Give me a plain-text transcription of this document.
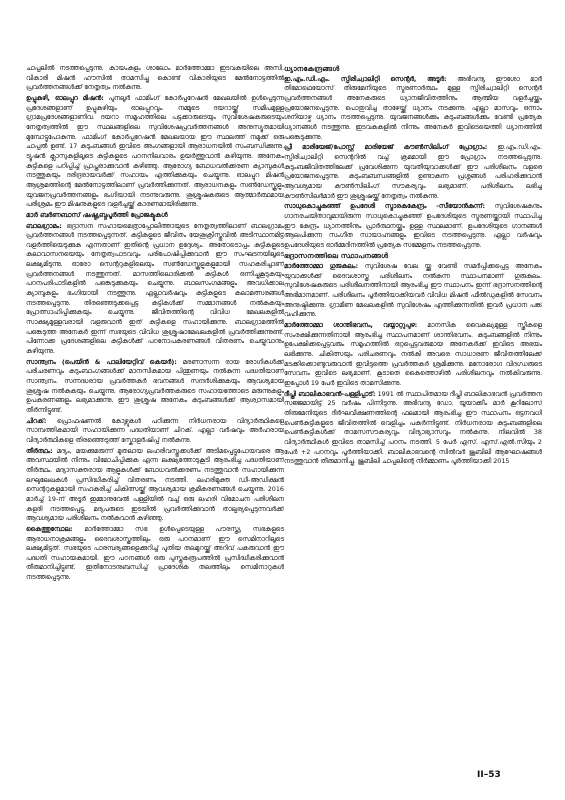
ചാപ്പലിൽ നടത്തപ്പെടുന്നു. കായംകുളം ശാലോം മാർത്തോമ്മാ ഇടവകയിലെ അസി. വികാരി മിഷൻ ഹൗസിൽ താമസിച്ചു കൊണ്ട് വികാരിയുടെ മേൽനോട്ടത്തിൽ പ്രവർത്തനങ്ങൾക്ക് നേതൃത്വം നൽകുന്നു.

ഉപ്പുകുഴി, ഓലപ്പുറ മിഷൻ: പുനലൂർ ഫാമിംഗ് കോർപ്പറേഷൻ മേഖലയിൽ ഉൾപ്പെടുന്ന പ്രദേശങ്ങളാണ് ഉപ്പുകുഴിയും ഓലപ്പുറവും. നമ്മുടെ ദയറായ്ക്ക് സമീപമുള്ള ഗ്രാമപ്രദേശങ്ങളാണിവ. ദയറാ സമൂഹത്തിലെ പട്ടക്കാരുടെയും സുവിശേഷകരുടെയും നേതൃത്വത്തിൽ ഈ സ്ഥലങ്ങളിലെ സുവിശേഷപ്രവർത്തനങ്ങൾ അനുസ്യൂതമായി മുമ്പോട്ടുപോകുന്നു. ഫാമിംഗ് കോർപ്പറേഷൻ മേഖലയായ ഈ സ്ഥലത്ത് നമുക്ക് ഒരു ചാപ്പൽ ഉണ്ട്. 17 കുടുംബങ്ങൾ ഇവിടെ അംഗങ്ങളായി ആരാധനയിൽ സംബന്ധിക്കുന്നു. ട്യൂഷൻ ക്ലാസുകളിലൂടെ കുട്ടികളുടെ പഠനനിലവാരം ഉയർത്തുവാൻ കഴിയുന്നു. അനേകം കുട്ടികളെ പഠിപ്പിച്ച് പ്രാപ്തരാക്കുവാൻ കഴിഞ്ഞു. ആരോഗ്യ ബോധവൽക്കരണ ക്യാമ്പുകൾ നടത്തുകയും ദരിദ്രരായവർക്ക് സഹായം എത്തിക്കുകയും ചെയ്യുന്നു. ഓലപ്പുറ മിഷൻ ആശ്രമത്തിന്റെ മേൽനോട്ടത്തിലാണ് പ്രവർത്തിക്കുന്നത്. ആരാധനകളും സൺഡേസ്കൂളും യുവജനപ്രവർത്തനങ്ങളും ഭംഗിയായി നടന്നുവരുന്നു. ശുശ്രൂഷകരുടെ ആത്മാർത്ഥമായ പരിശ്രമം ഈ മിഷനുകളുടെ വളർച്ചയ്ക്ക് കാരണമായിരിക്കുന്നു.

മാർ ബർണബാസ് ഷഷ്ട്യബ്ദപൂർത്തി പ്രോജക്ടുകൾ

ബാലഗ്രാമം: ഭദ്രാസന സഹായമെത്രാപ്പോലീത്തായുടെ നേതൃത്വത്തിലാണ് ബാലഗ്രാമം പ്രവർത്തനങ്ങൾ നടത്തപ്പെടുന്നത്. കുട്ടികളുടെ ജീവിതം യേശുക്രിസ്തുവിൽ അടിസ്ഥാനമിട്ട് വളർത്തിയെടുക്കുക എന്നതാണ് ഇതിന്റെ പ്രധാന ഉദ്ദേശ്യം. അതോടൊപ്പം കുട്ടികളുടെ കലാവാസനയെയും നേതൃത്വപാടവവും പരിപോഷിപ്പിക്കുവാൻ ഈ സംഘടനയിലൂടെ ലക്ഷ്യമിടുന്നു. ഓരോ സെന്ററുകളിലെയും സൺഡേസ്കൂളുകളുമായി സഹകരിച്ചാണ് പ്രവർത്തനങ്ങൾ നടത്തുന്നത്. മാസത്തിലൊരിക്കൽ കുട്ടികൾ ഒന്നിച്ചുകൂടുകയും പഠനപരിപാടികളിൽ പങ്കെടുക്കുകയും ചെയ്യുന്നു. ബാലസംഗമങ്ങളും അവധിക്കാല ക്യാമ്പുകളും ഭംഗിയായി നടത്തുന്നു. എല്ലാവർഷവും കുട്ടികളുടെ കലാമത്സരങ്ങൾ നടത്തപ്പെടുന്നു. തിരഞ്ഞെടുക്കപ്പെട്ട കുട്ടികൾക്ക് സമ്മാനങ്ങൾ നൽകുകയും പ്രോത്സാഹിപ്പിക്കുകയും ചെയ്യുന്നു. ജീവിതത്തിന്റെ വിവിധ മേഖലകളിൽ സാക്ഷ്യമുള്ളവരായി വളരുവാൻ ഇത് കുട്ടികളെ സഹായിക്കുന്നു. ബാലഗ്രാമത്തിൽ പങ്കെടുത്ത അനേകർ ഇന്ന് സഭയുടെ വിവിധ ശുശ്രൂഷാമേഖലകളിൽ പ്രവർത്തിക്കുന്നുണ്ട്. പിന്നോക്ക പ്രദേശങ്ങളിലെ കുട്ടികൾക്ക് പഠനോപകരണങ്ങൾ വിതരണം ചെയ്യുവാനും കഴിയുന്നു.

സാന്ത്വനം (പെയിൻ & പാലിയേറ്റിവ് കെയർ): മരണാസന്ന രായ രോഗികൾക്ക് പരിചരണവും കുടുംബാംഗങ്ങൾക്ക് മാനസികമായ പിന്തുണയും നൽകുന്ന പദ്ധതിയാണ് സാന്ത്വനം. സന്നദ്ധരായ പ്രവർത്തകർ ഭവനങ്ങൾ സന്ദർശിക്കുകയും ആവശ്യമായ ശുശ്രൂഷ നൽകുകയും ചെയ്യുന്നു. ആരോഗ്യപ്രവർത്തകരുടെ സഹായത്തോടെ മരുന്നുകളും ഉപകരണങ്ങളും ലഭ്യമാക്കുന്നു. ഈ ശുശ്രൂഷ അനേകം കുടുംബങ്ങൾക്ക് ആശ്വാസമായി തീർന്നിട്ടുണ്ട്.

ചിറക്: പ്രൊഫഷണൽ കോഴ്സുകൾ പഠിക്കുന്ന നിർധനരായ വിദ്യാർത്ഥികളെ സാമ്പത്തികമായി സഹായിക്കുന്ന പദ്ധതിയാണ് ചിറക്. എല്ലാ വർഷവും അർഹരായ വിദ്യാർത്ഥികളെ തിരഞ്ഞെടുത്ത് സ്കോളർഷിപ്പ് നൽകുന്നു.

തീർത്ഥം: മദ്യം, മയക്കുമരുന്ന് മുതലായ ലഹരിവസ്തുക്കൾക്ക് അടിമപ്പെട്ടുപോയവരെ ആ അവസ്ഥയിൽ നിന്നും വിമോചിപ്പിക്കുക എന്ന ലക്ഷ്യത്തോടുകൂടി ആരംഭിച്ച പദ്ധതിയാണ് തീർത്ഥം. മദ്യാസക്തരായ ആളുകൾക്ക് ബോധവൽക്കരണം നടത്തുവാൻ സഹായിക്കുന്ന ലഘുലേഖകൾ പ്രസിദ്ധീകരിച്ച് വിതരണം നടത്തി. ലഹരിമുക്ത ഡീ-അഡിക്ഷൻ സെന്ററുകളുമായി സഹകരിച്ച് ചികിത്സയ്ക്ക് ആവശ്യമായ ക്രമീകരണങ്ങൾ ചെയ്യുന്നു. 2016 മാർച്ച് 19-ന് അടൂർ ഇമ്മാനുവേൽ പള്ളിയിൽ വച്ച് ഒരു ലഹരി വിമോചന പരിശീലന കളരി നടത്തപ്പെട്ടു. മദ്യപരുടെ ഇടയിൽ പ്രവർത്തിക്കുവാൻ താല്പര്യപ്പെടുന്നവർക്ക് ആവശ്യമായ പരിശീലനം നൽകുവാൻ കഴിഞ്ഞു.

കൈത്തുമ്പോല: മാർത്തോമ്മാ സഭ ഉൾപ്പെടെയുള്ള പൗരസ്ത്യ സഭകളുടെ ആരാധനാക്രമങ്ങളും ദൈവശാസ്ത്രത്തിലും ഒരു പഠനമാണ് ഈ സെമിനാറിലൂടെ ലക്ഷ്യമിട്ടത്. സഭയുടെ പാരമ്പര്യങ്ങളെക്കുറിച്ച് പുതിയ തലമുറയ്ക്ക് അറിവ് പകരുവാൻ ഈ പദ്ധതി സഹായകമായി. ഈ പഠനങ്ങൾ ഒരു പുസ്തകരൂപത്തിൽ പ്രസിദ്ധീകരിക്കുവാൻ തീരുമാനിച്ചിട്ടുണ്ട്. ഇതിനോടനുബന്ധിച്ച് പ്രാദേശിക തലത്തിലും സെമിനാറുകൾ നടത്തപ്പെടുന്നു.

ധ്യാനകേന്ദ്രങ്ങൾ

ഇ.എം.ഡി.എം. സ്പിരിച്വാലിറ്റി സെന്റർ, അടൂർ: അഭിവന്ദ്യ ഈശോ മാർ തിമോഥെയോസ് തിരുമേനിയുടെ സ്മരണാർത്ഥം മുള്ള സ്പിരിച്വാലിറ്റി സെന്റർ പ്രവർത്തനങ്ങൾ അനേകരുടെ ധ്യാനജീവിതത്തിനും ആത്മീയ വളർച്ചയ്ക്കും പ്രയോജനപ്പെടുന്നു. പൊതുവിച്ച താഴേയ്ക്ക് ധ്യാനം നടക്കുന്നു. എല്ലാ മാസവും ഒന്നാം ശനിയാഴ്ച ധ്യാനം നടത്തപ്പെടുന്നു. യുവജനങ്ങൾക്കും കുടുംബങ്ങൾക്കും വേണ്ടി പ്രത്യേക ധ്യാനങ്ങൾ നടത്തുന്നു. ഇടവകകളിൽ നിന്നും അനേകർ ഇവിടെയെത്തി ധ്യാനത്തിൽ പങ്കെടുക്കുന്നു.

പ്രീ മാരിയേജ്/പോസ്റ്റ് മാരിയേജ് കൗൺസിലിംഗ് പ്രോഗ്രാം: ഇ.എം.ഡി.എം. സ്പിരിച്വാലിറ്റി സെന്ററിൽ വച്ച് ക്രമമായി ഈ പ്രോഗ്രാം നടത്തപ്പെടുന്നു. കുടുംബജീവിതത്തിലേക്ക് പ്രവേശിക്കുന്ന യുവതീയുവാക്കൾക്ക് ഈ പരിശീലനം വളരെ പ്രയോജനപ്പെടുന്നു. കുടുംബബന്ധങ്ങളിൽ ഉണ്ടാകുന്ന പ്രശ്നങ്ങൾ പരിഹരിക്കുവാൻ ആവശ്യമായ കൗൺസിലിംഗ് സൗകര്യവും ലഭ്യമാണ്. പരിശീലനം ലഭിച്ച കൗൺസിലർമാർ ഈ ശുശ്രൂഷയ്ക്ക് നേതൃത്വം നൽകുന്നു.

സാധുകൊച്ചുകുഞ്ഞ് ഉപദേശി സ്മാരകകേന്ദ്രം -സീയോൻകുന്ന്: സുവിശേഷകനും ഗാനരചയിതാവുമായിരുന്ന സാധുകൊച്ചുകുഞ്ഞ് ഉപദേശിയുടെ സ്മരണയ്ക്കായി സ്ഥാപിച്ച ഈ കേന്ദ്രം ധ്യാനത്തിനും പ്രാർത്ഥനയ്ക്കും ഉള്ള സ്ഥലമാണ്. ഉപദേശിയുടെ ഗാനങ്ങൾ ആലപിക്കുന്ന സംഗീത സായാഹ്നങ്ങളും ഇവിടെ നടത്തപ്പെടുന്നു. എല്ലാ വർഷവും ഉപദേശിയുടെ ഓർമ്മദിനത്തിൽ പ്രത്യേക സമ്മേളനം നടത്തപ്പെടുന്നു.

ഭദ്രാസനത്തിലെ സ്ഥാപനങ്ങൾ

മാർത്തോമ്മാ ഗുരുകുലം: സുവിശേഷ വേല യ്ക്കു വേണ്ടി സമർപ്പിക്കപ്പെട്ട അനേകം യുവാക്കൾക്ക് ദൈവശാസ്ത്ര പരിശീലനം നൽകുന്ന സ്ഥാപനമാണ് ഗുരുകുലം. സുവിശേഷകരുടെ പരിശീലനത്തിനായി ആരംഭിച്ച ഈ സ്ഥാപനം ഇന്ന് ഭദ്രാസനത്തിന്റെ അഭിമാനമാണ്. പരിശീലനം പൂർത്തിയാക്കിയവർ വിവിധ മിഷൻ ഫീൽഡുകളിൽ സേവനം അനുഷ്ഠിക്കുന്നു. ഗ്രാമീണ മേഖലകളിൽ സുവിശേഷം എത്തിക്കുന്നതിൽ ഇവർ പ്രധാന പങ്ക് വഹിക്കുന്നു.

മാർത്തോമ്മാ ശാന്തിഭവനം, വയ്യാറ്റുപുഴ: മാനസിക വൈകല്യമുള്ള സ്ത്രീകളെ സംരക്ഷിക്കുന്നതിനായി ആരംഭിച്ച സ്ഥാപനമാണ് ശാന്തിഭവനം. കുടുംബങ്ങളിൽ നിന്നും ഉപേക്ഷിക്കപ്പെട്ടവരും സമൂഹത്തിൽ ഒറ്റപ്പെട്ടവരുമായ അനേകർക്ക് ഇവിടെ അഭയം ലഭിക്കുന്നു. ചികിത്സയും പരിചരണവും നൽകി അവരെ സാധാരണ ജീവിതത്തിലേക്ക് മടക്കിക്കൊണ്ടുവരുവാൻ ഇവിടുത്തെ പ്രവർത്തകർ ശ്രമിക്കുന്നു. മനോരോഗ വിദഗ്ധരുടെ സേവനം ഇവിടെ ലഭ്യമാണ്. കൂടാതെ കൈത്തൊഴിൽ പരിശീലനവും നൽകിവരുന്നു. ഇപ്പോൾ 19 പേർ ഇവിടെ താമസിക്കുന്നു.

ദീപ്തി ബാലികാഭവൻ-പള്ളിപ്പാട്: 1991 ൽ സ്ഥാപിതമായ ദീപ്തി ബാലികാഭവൻ പ്രവർത്തന സജ്ജമായിട്ട് 25 വർഷം പിന്നിടുന്നു. അഭിവന്ദ്യ ഡോ. യൂയാക്കീം മാർ കൂറിലോസ് തിരുമേനിയുടെ ദീർഘവീക്ഷണത്തിന്റെ ഫലമായി ആരംഭിച്ച ഈ സ്ഥാപനം ഒട്ടനവധി പെൺകുട്ടികളുടെ ജീവിതത്തിൽ വെളിച്ചം പകർന്നിട്ടുണ്ട്. നിർധനരായ കുടുംബങ്ങളിലെ പെൺകുട്ടികൾക്ക് താമസസൗകര്യവും വിദ്യാഭ്യാസവും നൽകുന്നു. നിലവിൽ 38 വിദ്യാർത്ഥികൾ ഇവിടെ താമസിച്ച് പഠനം നടത്തി. 5 പേർ എസ്. എസ്.എൽ.സിയും 2 പേർ +2 പഠനവും പൂർത്തിയാക്കി. ബാലികാഭവന്റെ സിൽവർ ജൂബിലി ആഘോഷങ്ങൾ നടത്തുവാൻ തീരുമാനിച്ചു. ജൂബിലി ചാപ്പലിന്റെ നിർമ്മാണം പൂർത്തിയാക്കി 2015

II–53
